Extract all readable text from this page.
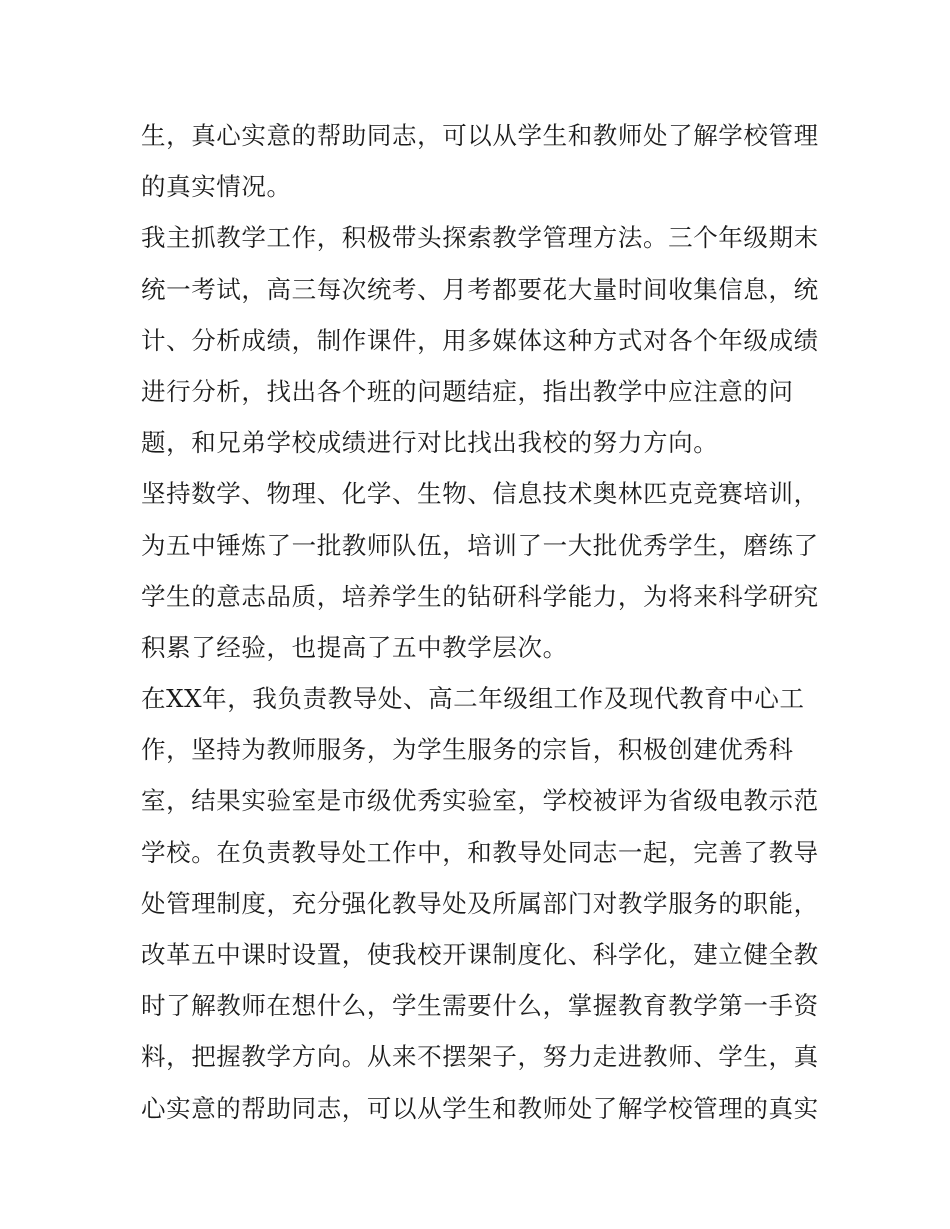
生，真心实意的帮助同志，可以从学生和教师处了解学校管理
的真实情况。
我主抓教学工作，积极带头探索教学管理方法。三个年级期末
统一考试，高三每次统考、月考都要花大量时间收集信息，统
计、分析成绩，制作课件，用多媒体这种方式对各个年级成绩
进行分析，找出各个班的问题结症，指出教学中应注意的问
题，和兄弟学校成绩进行对比找出我校的努力方向。
坚持数学、物理、化学、生物、信息技术奥林匹克竞赛培训，
为五中锤炼了一批教师队伍，培训了一大批优秀学生，磨练了
学生的意志品质，培养学生的钻研科学能力，为将来科学研究
积累了经验，也提高了五中教学层次。
在XX年，我负责教导处、高二年级组工作及现代教育中心工
作，坚持为教师服务，为学生服务的宗旨，积极创建优秀科
室，结果实验室是市级优秀实验室，学校被评为省级电教示范
学校。在负责教导处工作中，和教导处同志一起，完善了教导
处管理制度，充分强化教导处及所属部门对教学服务的职能，
改革五中课时设置，使我校开课制度化、科学化，建立健全教
时了解教师在想什么，学生需要什么，掌握教育教学第一手资
料，把握教学方向。从来不摆架子，努力走进教师、学生，真
心实意的帮助同志，可以从学生和教师处了解学校管理的真实
